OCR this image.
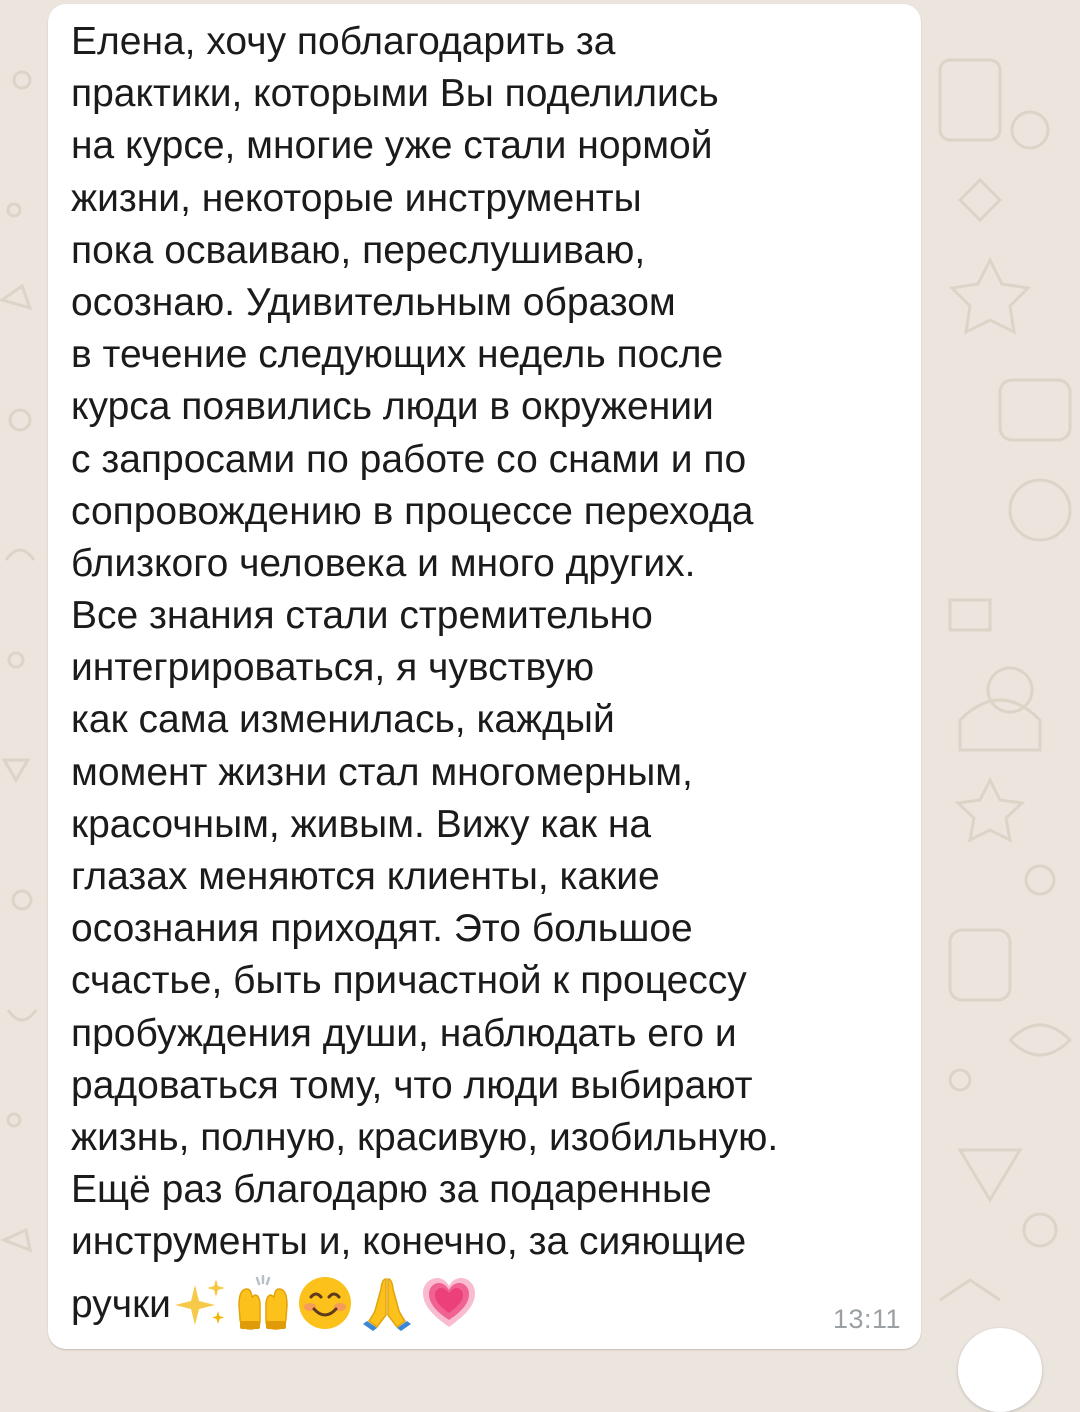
Елена, хочу поблагодарить за
практики, которыми Вы поделились
на курсе, многие уже стали нормой
жизни, некоторые инструменты
пока осваиваю, переслушиваю,
осознаю. Удивительным образом
в течение следующих недель после
курса появились люди в окружении
с запросами по работе со снами и по
сопровождению в процессе перехода
близкого человека и много других.
Все знания стали стремительно
интегрироваться, я чувствую
как сама изменилась, каждый
момент жизни стал многомерным,
красочным, живым. Вижу как на
глазах меняются клиенты, какие
осознания приходят. Это большое
счастье, быть причастной к процессу
пробуждения души, наблюдать его и
радоваться тому, что люди выбирают
жизнь, полную, красивую, изобильную.
Ещё раз благодарю за подаренные
инструменты и, конечно, за сияющие
ручки	13:11
